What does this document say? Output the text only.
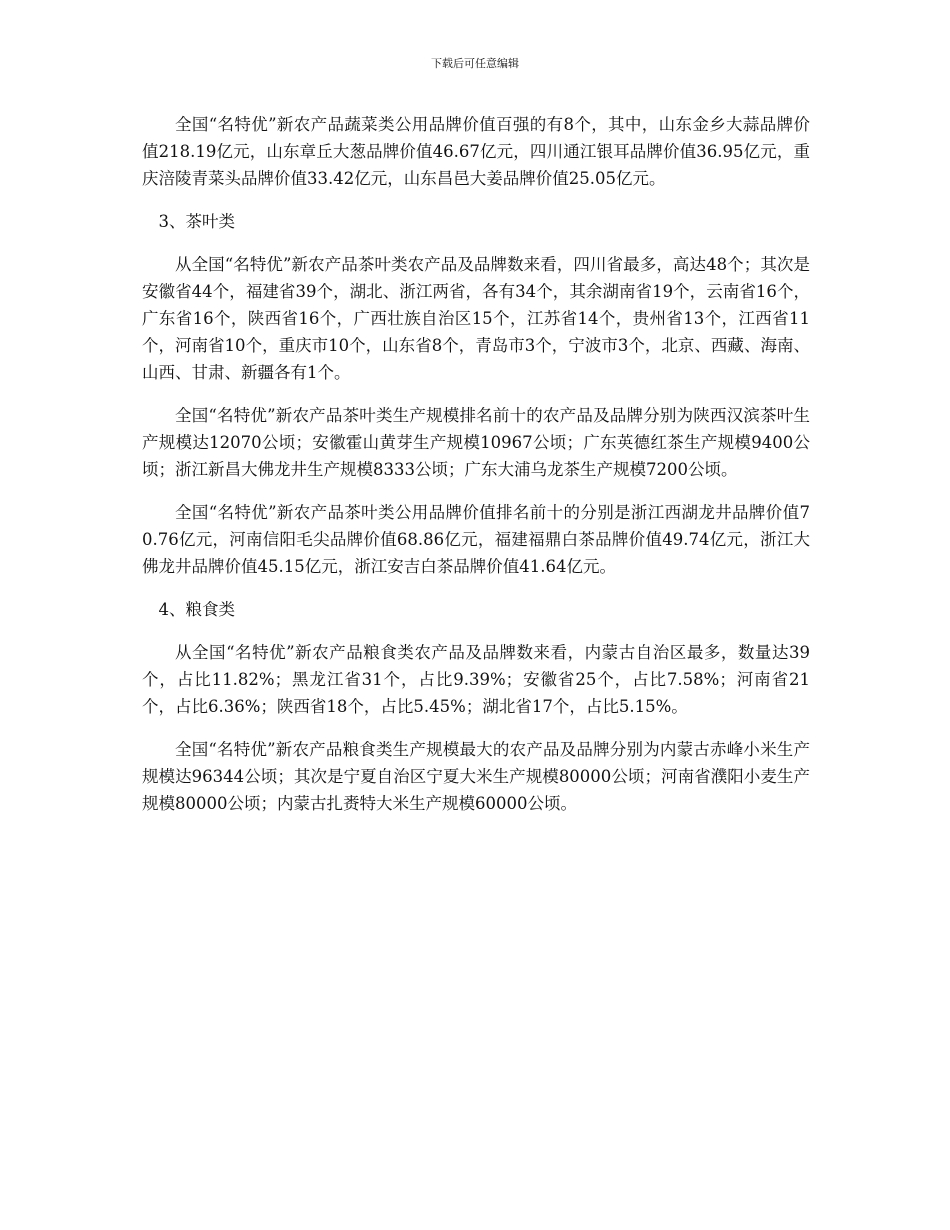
下载后可任意编辑

全国“名特优”新农产品蔬菜类公用品牌价值百强的有8个，其中，山东金乡大蒜品牌价值218.19亿元，山东章丘大葱品牌价值46.67亿元，四川通江银耳品牌价值36.95亿元，重庆涪陵青菜头品牌价值33.42亿元，山东昌邑大姜品牌价值25.05亿元。

3、茶叶类

从全国“名特优”新农产品茶叶类农产品及品牌数来看，四川省最多，高达48个；其次是安徽省44个，福建省39个，湖北、浙江两省，各有34个，其余湖南省19个，云南省16个，广东省16个，陕西省16个，广西壮族自治区15个，江苏省14个，贵州省13个，江西省11个，河南省10个，重庆市10个，山东省8个，青岛市3个，宁波市3个，北京、西藏、海南、山西、甘肃、新疆各有1个。

全国“名特优”新农产品茶叶类生产规模排名前十的农产品及品牌分别为陕西汉滨茶叶生产规模达12070公顷；安徽霍山黄芽生产规模10967公顷；广东英德红茶生产规模9400公顷；浙江新昌大佛龙井生产规模8333公顷；广东大浦乌龙茶生产规模7200公顷。

全国“名特优”新农产品茶叶类公用品牌价值排名前十的分别是浙江西湖龙井品牌价值70.76亿元，河南信阳毛尖品牌价值68.86亿元，福建福鼎白茶品牌价值49.74亿元，浙江大佛龙井品牌价值45.15亿元，浙江安吉白茶品牌价值41.64亿元。

4、粮食类

从全国“名特优”新农产品粮食类农产品及品牌数来看，内蒙古自治区最多，数量达39个，占比11.82%；黑龙江省31个，占比9.39%；安徽省25个，占比7.58%；河南省21个，占比6.36%；陕西省18个，占比5.45%；湖北省17个，占比5.15%。

全国“名特优”新农产品粮食类生产规模最大的农产品及品牌分别为内蒙古赤峰小米生产规模达96344公顷；其次是宁夏自治区宁夏大米生产规模80000公顷；河南省濮阳小麦生产规模80000公顷；内蒙古扎赉特大米生产规模60000公顷。
